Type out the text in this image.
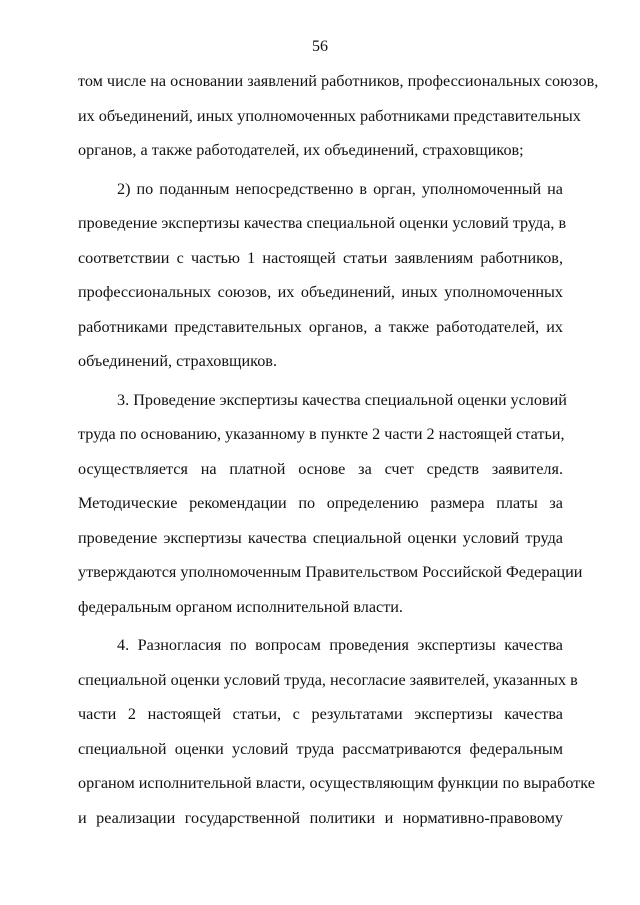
56
том числе на основании заявлений работников, профессиональных союзов,
их объединений, иных уполномоченных работниками представительных
органов, а также работодателей, их объединений, страховщиков;
2) по поданным непосредственно в орган, уполномоченный на
проведение экспертизы качества специальной оценки условий труда, в
соответствии с частью 1 настоящей статьи заявлениям работников,
профессиональных союзов, их объединений, иных уполномоченных
работниками представительных органов, а также работодателей, их
объединений, страховщиков.
3. Проведение экспертизы качества специальной оценки условий
труда по основанию, указанному в пункте 2 части 2 настоящей статьи,
осуществляется на платной основе за счет средств заявителя.
Методические рекомендации по определению размера платы за
проведение экспертизы качества специальной оценки условий труда
утверждаются уполномоченным Правительством Российской Федерации
федеральным органом исполнительной власти.
4. Разногласия по вопросам проведения экспертизы качества
специальной оценки условий труда, несогласие заявителей, указанных в
части 2 настоящей статьи, с результатами экспертизы качества
специальной оценки условий труда рассматриваются федеральным
органом исполнительной власти, осуществляющим функции по выработке
и реализации государственной политики и нормативно-правовому
